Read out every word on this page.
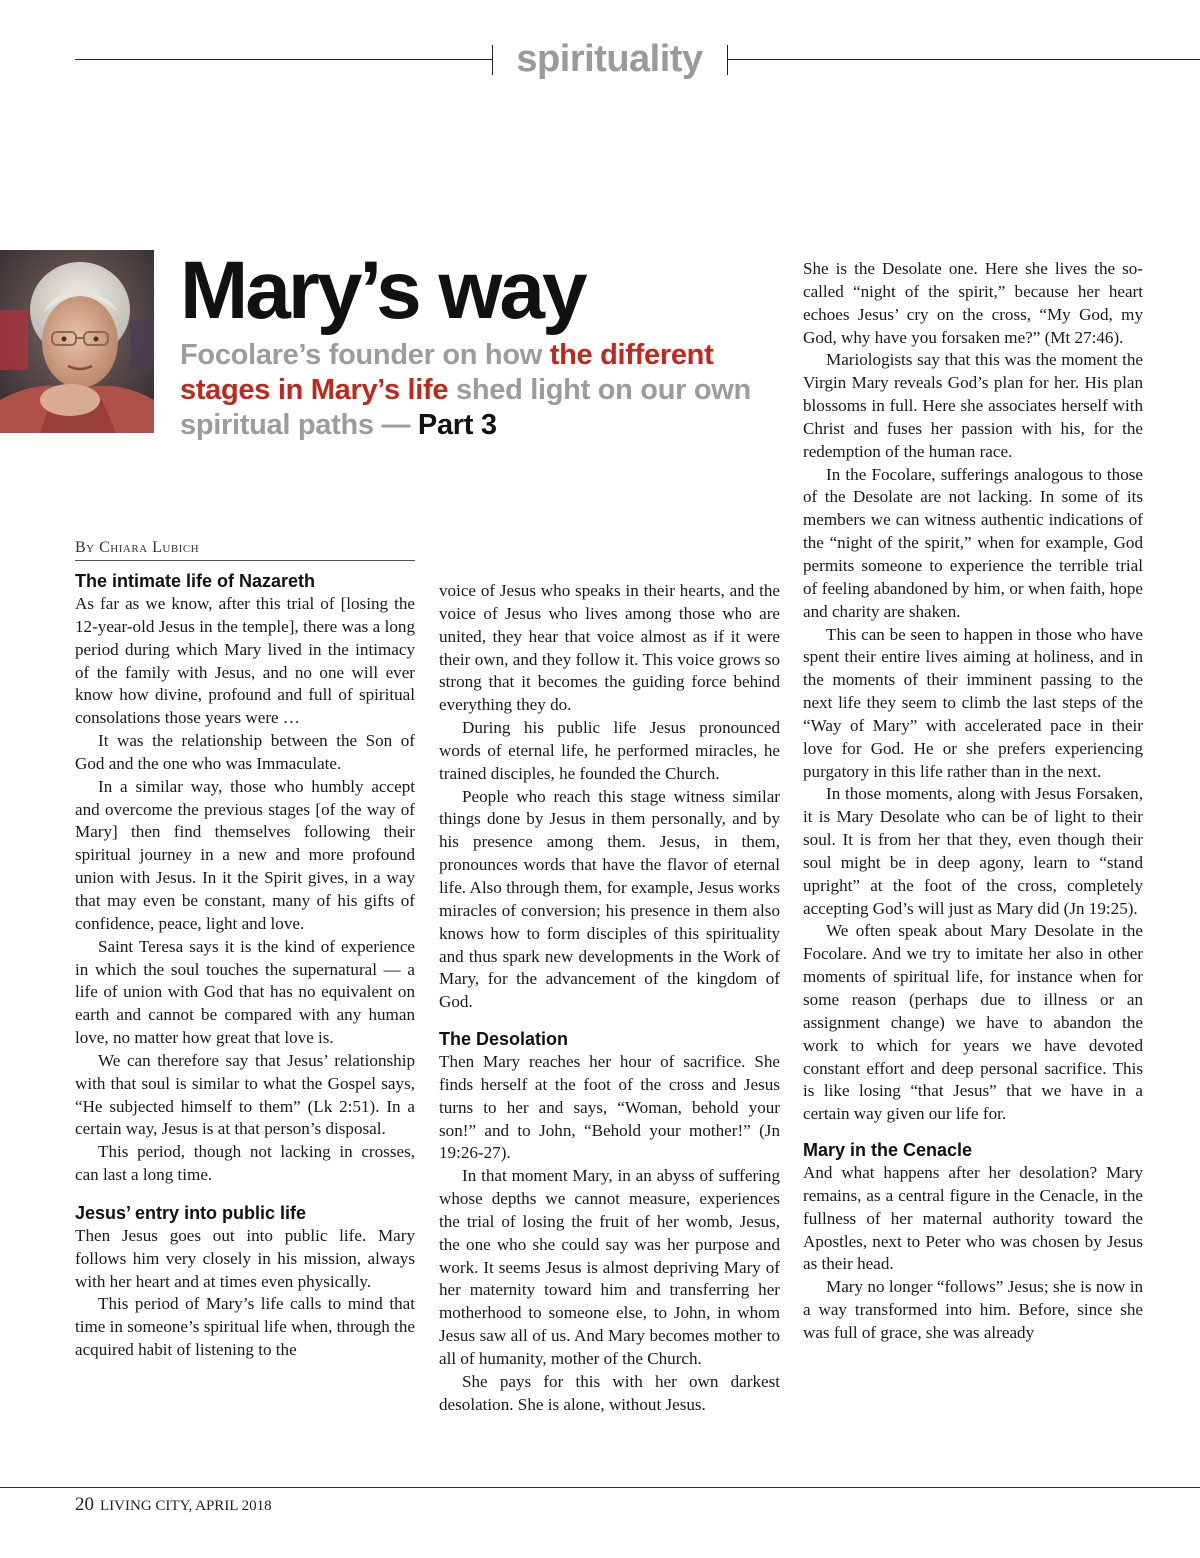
spirituality
Mary’s way

Focolare’s founder on how the different stages in Mary’s life shed light on our own spiritual paths — Part 3

By Chiara Lubich
The intimate life of Nazareth

As far as we know, after this trial of [losing the 12-year-old Jesus in the temple], there was a long period during which Mary lived in the intimacy of the family with Jesus, and no one will ever know how divine, profound and full of spiritual consolations those years were …

It was the relationship between the Son of God and the one who was Immaculate.

In a similar way, those who humbly accept and overcome the previous stages [of the way of Mary] then find themselves following their spiritual journey in a new and more profound union with Jesus. In it the Spirit gives, in a way that may even be constant, many of his gifts of confidence, peace, light and love.

Saint Teresa says it is the kind of experience in which the soul touches the supernatural — a life of union with God that has no equivalent on earth and cannot be compared with any human love, no matter how great that love is.

We can therefore say that Jesus’ relationship with that soul is similar to what the Gospel says, “He subjected himself to them” (Lk 2:51). In a certain way, Jesus is at that person’s disposal.

This period, though not lacking in crosses, can last a long time.

Jesus’ entry into public life

Then Jesus goes out into public life. Mary follows him very closely in his mission, always with her heart and at times even physically.

This period of Mary’s life calls to mind that time in someone’s spiritual life when, through the acquired habit of listening to the

voice of Jesus who speaks in their hearts, and the voice of Jesus who lives among those who are united, they hear that voice almost as if it were their own, and they follow it. This voice grows so strong that it becomes the guiding force behind everything they do.

During his public life Jesus pronounced words of eternal life, he performed miracles, he trained disciples, he founded the Church.

People who reach this stage witness similar things done by Jesus in them personally, and by his presence among them. Jesus, in them, pronounces words that have the flavor of eternal life. Also through them, for example, Jesus works miracles of conversion; his presence in them also knows how to form disciples of this spirituality and thus spark new developments in the Work of Mary, for the advancement of the kingdom of God.

The Desolation

Then Mary reaches her hour of sacrifice. She finds herself at the foot of the cross and Jesus turns to her and says, “Woman, behold your son!” and to John, “Behold your mother!” (Jn 19:26-27).

In that moment Mary, in an abyss of suffering whose depths we cannot measure, experiences the trial of losing the fruit of her womb, Jesus, the one who she could say was her purpose and work. It seems Jesus is almost depriving Mary of her maternity toward him and transferring her motherhood to someone else, to John, in whom Jesus saw all of us. And Mary becomes mother to all of humanity, mother of the Church.

She pays for this with her own darkest desolation. She is alone, without Jesus.

She is the Desolate one. Here she lives the so-called “night of the spirit,” because her heart echoes Jesus’ cry on the cross, “My God, my God, why have you forsaken me?” (Mt 27:46).

Mariologists say that this was the moment the Virgin Mary reveals God’s plan for her. His plan blossoms in full. Here she associates herself with Christ and fuses her passion with his, for the redemption of the human race.

In the Focolare, sufferings analogous to those of the Desolate are not lacking. In some of its members we can witness authentic indications of the “night of the spirit,” when for example, God permits someone to experience the terrible trial of feeling abandoned by him, or when faith, hope and charity are shaken.

This can be seen to happen in those who have spent their entire lives aiming at holiness, and in the moments of their imminent passing to the next life they seem to climb the last steps of the “Way of Mary” with accelerated pace in their love for God. He or she prefers experiencing purgatory in this life rather than in the next.

In those moments, along with Jesus Forsaken, it is Mary Desolate who can be of light to their soul. It is from her that they, even though their soul might be in deep agony, learn to “stand upright” at the foot of the cross, completely accepting God’s will just as Mary did (Jn 19:25).

We often speak about Mary Desolate in the Focolare. And we try to imitate her also in other moments of spiritual life, for instance when for some reason (perhaps due to illness or an assignment change) we have to abandon the work to which for years we have devoted constant effort and deep personal sacrifice. This is like losing “that Jesus” that we have in a certain way given our life for.

Mary in the Cenacle

And what happens after her desolation? Mary remains, as a central figure in the Cenacle, in the fullness of her maternal authority toward the Apostles, next to Peter who was chosen by Jesus as their head.

Mary no longer “follows” Jesus; she is now in a way transformed into him. Before, since she was full of grace, she was already

20 LIVING CITY, APRIL 2018
